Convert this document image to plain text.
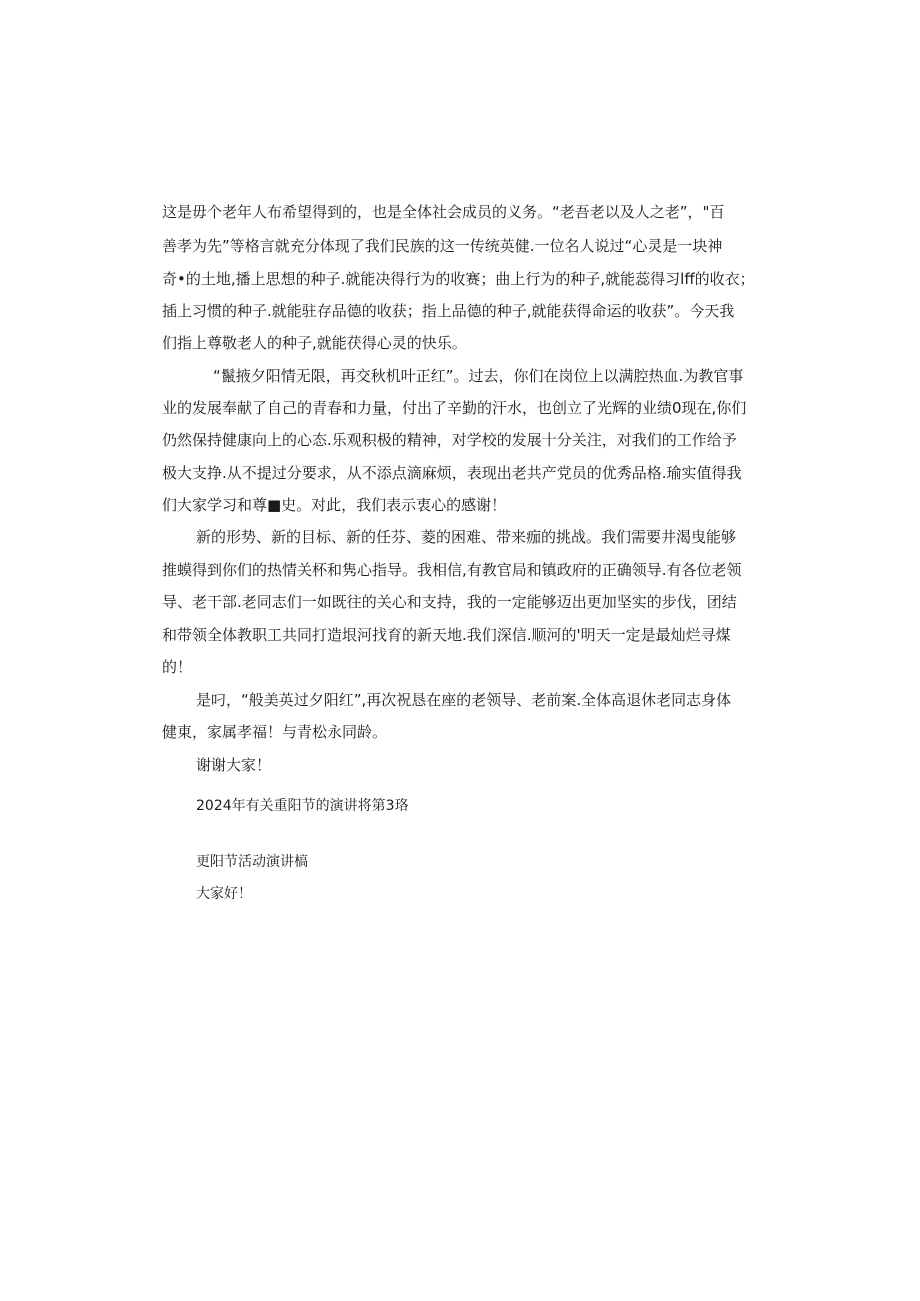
这是毋个老年人布希望得到的，也是全体社会成员的义务。“老吾老以及人之老”，"百
善孝为先”等格言就充分体现了我们民族的这一传统英健.一位名人说过“心灵是一块神
奇•的土地,播上思想的种子.就能决得行为的收赛；曲上行为的种子,就能蕊得习lff的收衣；
插上习惯的种子.就能驻存品德的收获；指上品德的种子,就能获得命运的收获”。今天我
们指上尊敬老人的种子,就能茯得心灵的快乐。
“鬣掖夕阳情无限，再交秋机叶正红”。过去，你们在岗位上以满腔热血.为教官事
业的发展奉献了自己的青春和力量，付出了辛勤的汗水，也创立了光辉的业绩0现在,你们
仍然保持健康向上的心态.乐观积极的精神，对学校的发展十分关注，对我们的工作给予
极大支挣.从不提过分要求，从不添点滴麻烦，表现出老共产党员的优秀品格.瑜实值得我
们大家学习和尊■史。对此，我们表示衷心的感谢！
新的形势、新的目标、新的任芬、菱的困难、带来痂的挑战。我们需要井渴曳能够
推蟆得到你们的热情关杯和隽心指导。我相信,有教官局和镇政府的正确领导.有各位老领
导、老干部.老同志们一如既往的关心和支持，我的一定能够迈出更加坚实的步伐，团结
和带领全体教职工共同打造垠河找育的新天地.我们深信.顺河的'明天一定是最灿烂寻煤
的！
是叼，“般美英过夕阳红”,再次祝恳在座的老领导、老前案.全体高退休老同志身体
健東，家属孝福！与青松永同龄。
谢谢大家！
2024年有关重阳节的演讲将第3珞
更阳节活动演讲槁
大家好！
